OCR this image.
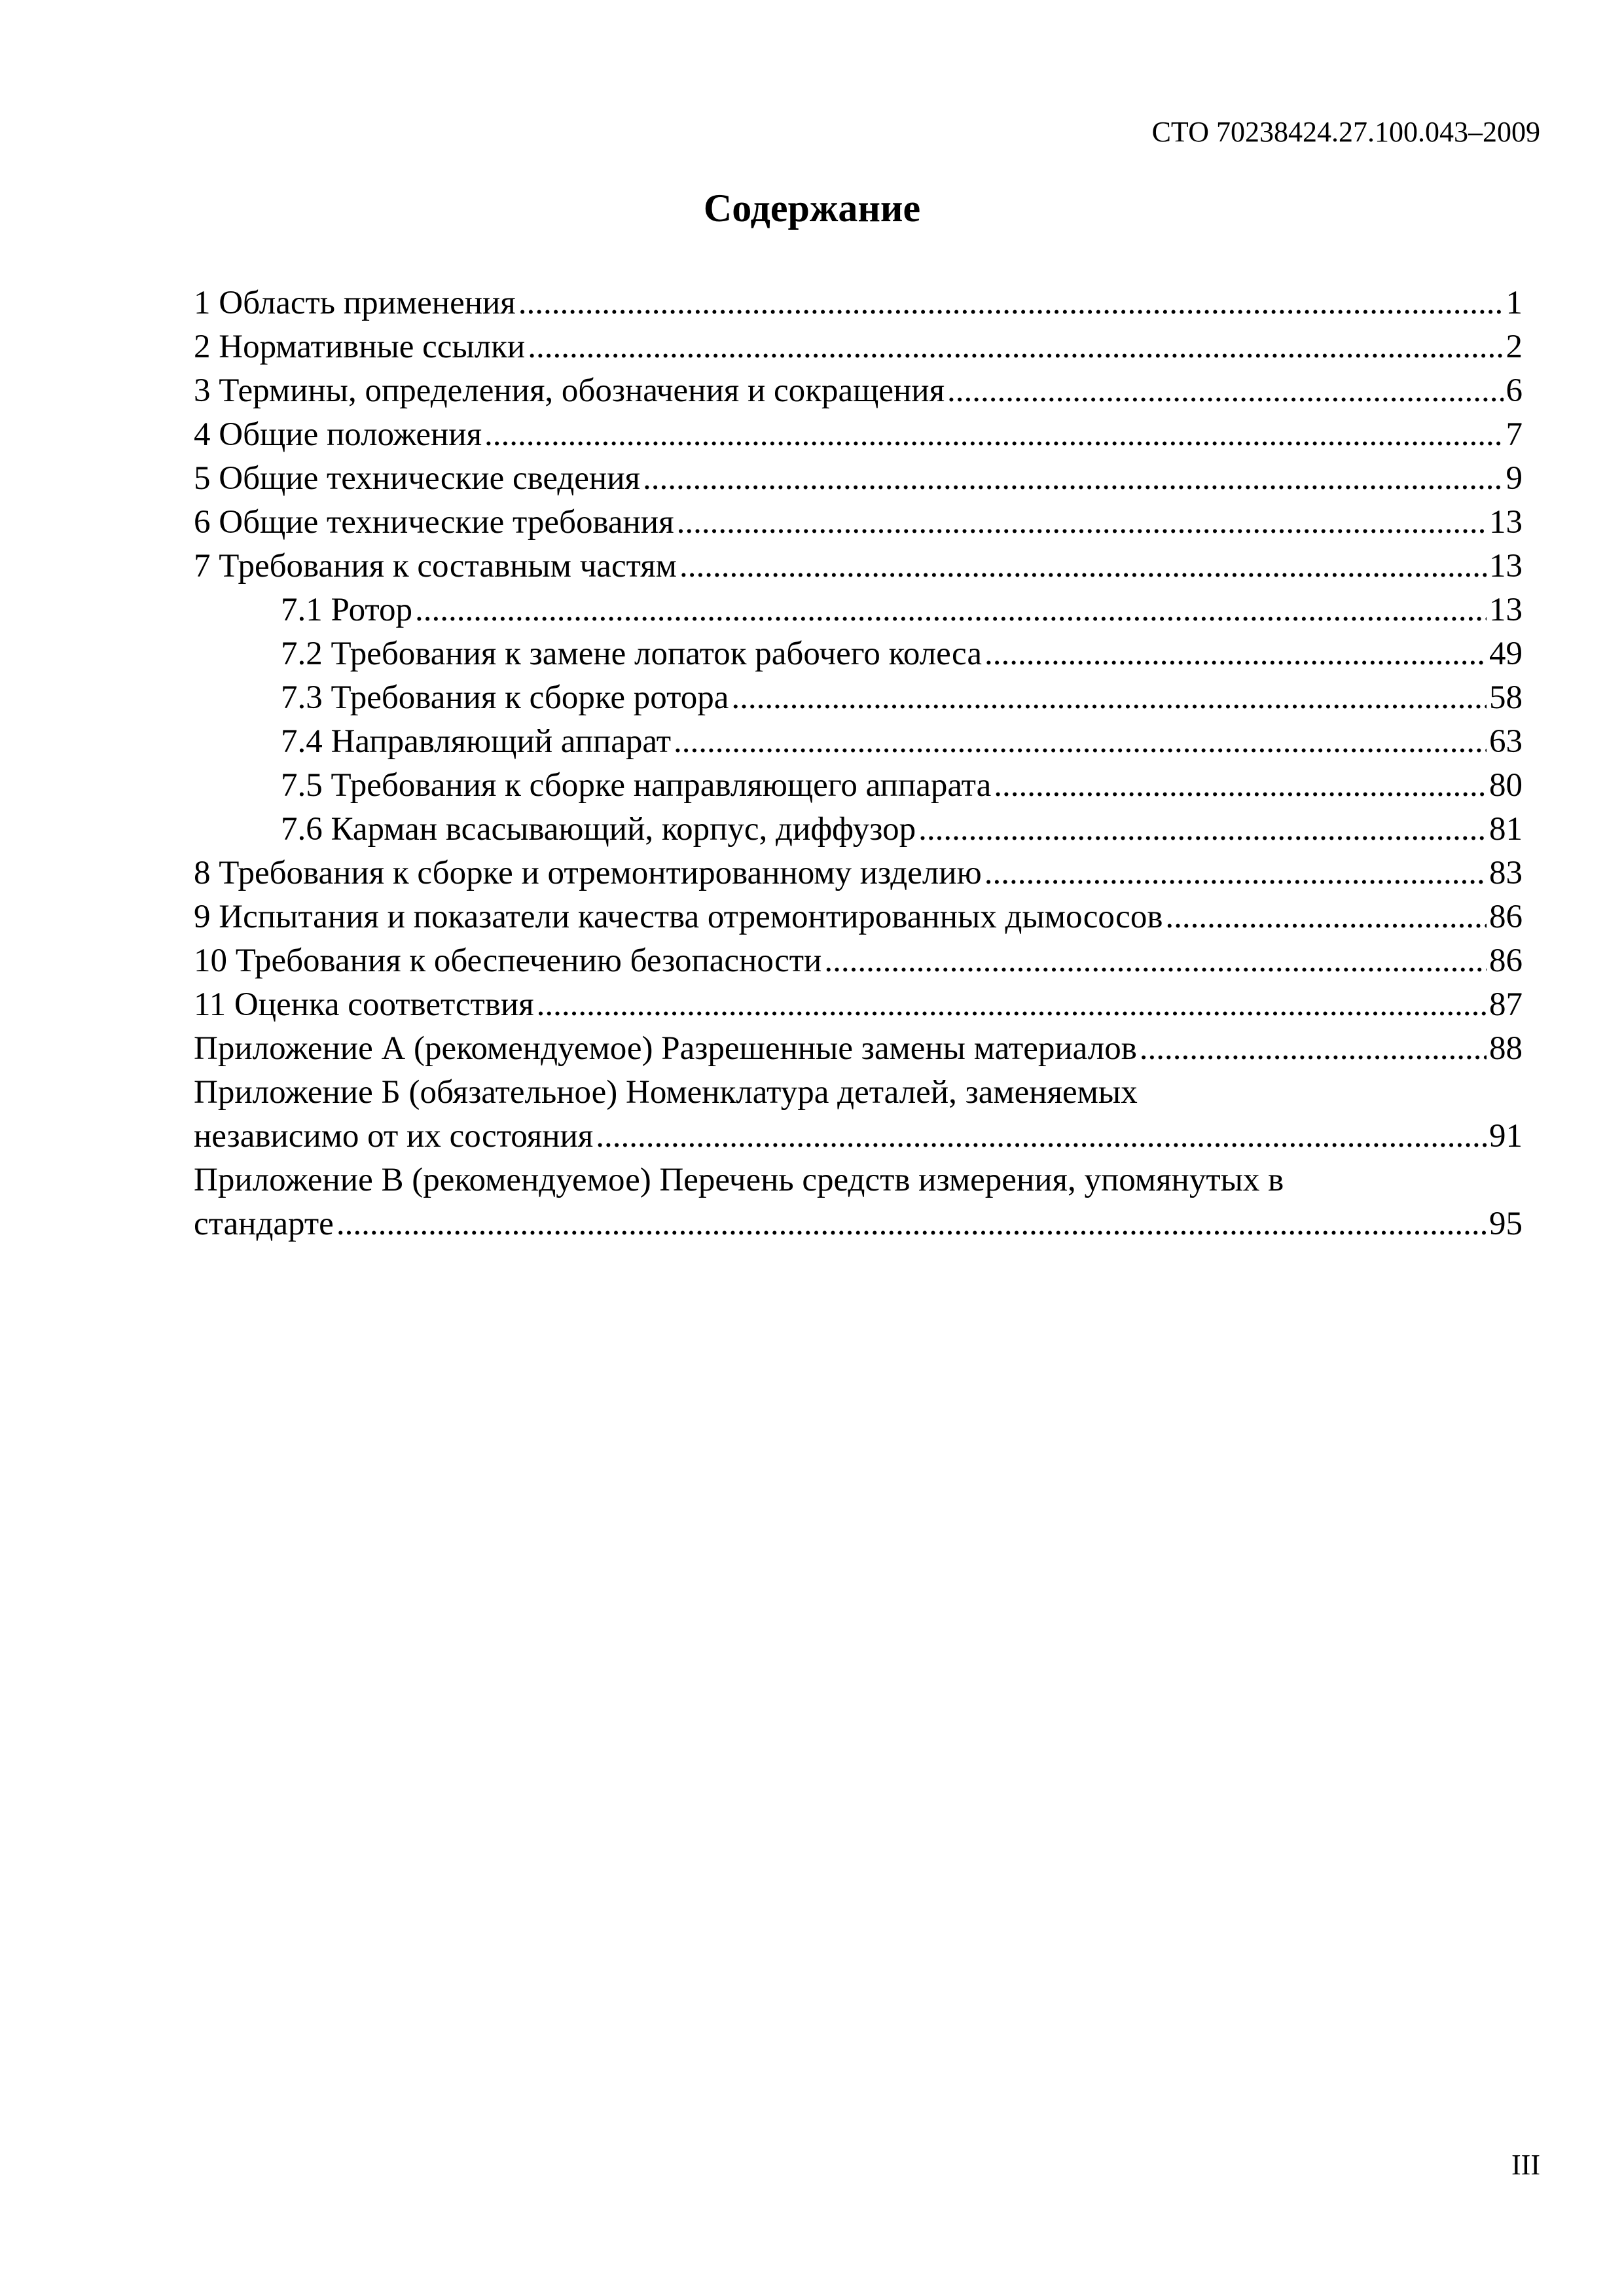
СТО 70238424.27.100.043–2009
Содержание
1 Область применения .....	1
2 Нормативные ссылки .....	2
3 Термины, определения, обозначения и сокращения .....	6
4 Общие положения .....	7
5 Общие технические сведения .....	9
6 Общие технические требования .....	13
7 Требования к составным частям .....	13
7.1 Ротор .....	13
7.2 Требования к замене лопаток рабочего колеса .....	49
7.3 Требования к сборке ротора .....	58
7.4 Направляющий аппарат .....	63
7.5 Требования к сборке направляющего аппарата .....	80
7.6 Карман всасывающий, корпус, диффузор .....	81
8 Требования к сборке и отремонтированному изделию .....	83
9 Испытания и показатели качества отремонтированных дымососов .....	86
10 Требования к обеспечению безопасности .....	86
11 Оценка соответствия .....	87
Приложение А (рекомендуемое) Разрешенные замены материалов .....	88
Приложение Б (обязательное) Номенклатура деталей, заменяемых
независимо от их состояния .....	91
Приложение В (рекомендуемое) Перечень средств измерения, упомянутых в
стандарте .....	95
III
